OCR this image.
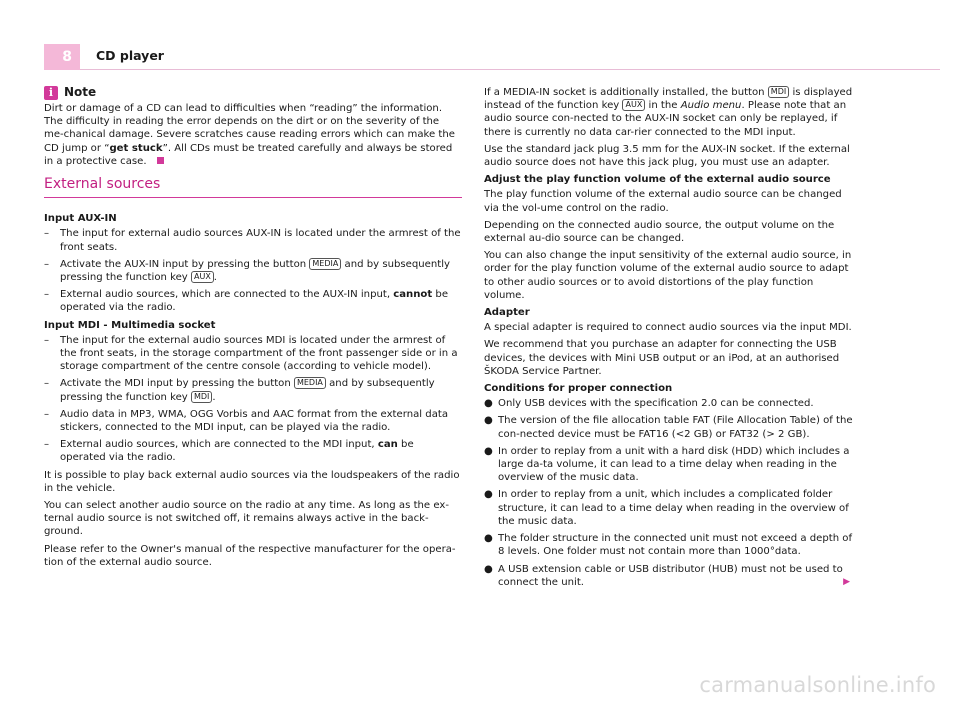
8	CD player
i Note

Dirt or damage of a CD can lead to difficulties when “reading” the information. The difficulty in reading the error depends on the dirt or on the severity of the me-chanical damage. Severe scratches cause reading errors which can make the CD jump or “get stuck”. All CDs must be treated carefully and always be stored in a protective case.

External sources
Input AUX-IN
–	The input for external audio sources AUX-IN is located under the armrest of the front seats.
–	Activate the AUX-IN input by pressing the button MEDIA and by subsequently pressing the function key AUX .
–	External audio sources, which are connected to the AUX-IN input, cannot be operated via the radio.
Input MDI - Multimedia socket
–	The input for the external audio sources MDI is located under the armrest of the front seats, in the storage compartment of the front passenger side or in a storage compartment of the centre console (according to vehicle model).
–	Activate the MDI input by pressing the button MEDIA and by subsequently pressing the function key MDI .
–	Audio data in MP3, WMA, OGG Vorbis and AAC format from the external data stickers, connected to the MDI input, can be played via the radio.
–	External audio sources, which are connected to the MDI input, can be operated via the radio.

It is possible to play back external audio sources via the loudspeakers of the radio in the vehicle.

You can select another audio source on the radio at any time. As long as the ex-ternal audio source is not switched off, it remains always active in the back-ground.

Please refer to the Owner's manual of the respective manufacturer for the opera-tion of the external audio source.

If a MEDIA-IN socket is additionally installed, the button MDI is displayed instead of the function key AUX in the Audio menu. Please note that an audio source con-nected to the AUX-IN socket can only be replayed, if there is currently no data car-rier connected to the MDI input.

Use the standard jack plug 3.5 mm for the AUX-IN socket. If the external audio source does not have this jack plug, you must use an adapter.

Adjust the play function volume of the external audio source

The play function volume of the external audio source can be changed via the vol-ume control on the radio.

Depending on the connected audio source, the output volume on the external au-dio source can be changed.

You can also change the input sensitivity of the external audio source, in order for the play function volume of the external audio source to adapt to other audio sources or to avoid distortions of the play function volume.

Adapter

A special adapter is required to connect audio sources via the input MDI.

We recommend that you purchase an adapter for connecting the USB devices, the devices with Mini USB output or an iPod, at an authorised ŠKODA Service Partner.

Conditions for proper connection
● Only USB devices with the specification 2.0 can be connected.
● The version of the file allocation table FAT (File Allocation Table) of the con-nected device must be FAT16 (<2 GB) or FAT32 (> 2 GB).
● In order to replay from a unit with a hard disk (HDD) which includes a large da-ta volume, it can lead to a time delay when reading in the overview of the music data.
● In order to replay from a unit, which includes a complicated folder structure, it can lead to a time delay when reading in the overview of the music data.
● The folder structure in the connected unit must not exceed a depth of 8 levels. One folder must not contain more than 1000°data.
● A USB extension cable or USB distributor (HUB) must not be used to connect the unit.	▶
carmanualsonline.info
